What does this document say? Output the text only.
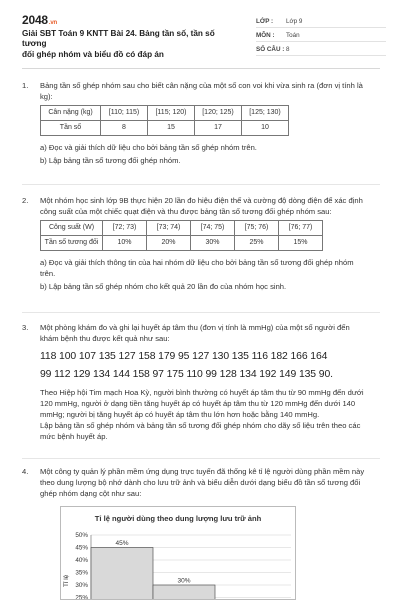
2048.vn
Giải SBT Toán 9 KNTT Bài 24. Bảng tần số, tần số tương
đối ghép nhóm và biểu đồ có đáp án
LỚP : Lớp 9
MÔN : Toán
SỐ CÂU : 8
1. Bảng tần số ghép nhóm sau cho biết cân nặng của một số con voi khi vừa sinh ra (đơn vị tính là
kg):

Cân nặng (kg)	[110; 115)	[115; 120)	[120; 125)	[125; 130)
Tần số	8	15	17	10

a) Đọc và giải thích dữ liệu cho bởi bảng tần số ghép nhóm trên.

b) Lập bảng tần số tương đối ghép nhóm.

2. Một nhóm học sinh lớp 9B thực hiện 20 lần đo hiệu điện thế và cường độ dòng điện để xác định
công suất của một chiếc quạt điện và thu được bảng tần số tương đối ghép nhóm sau:

Công suất (W)	[72; 73)	[73; 74)	[74; 75)	[75; 76)	[76; 77)
Tần số tương đối	10%	20%	30%	25%	15%

a) Đọc và giải thích thông tin của hai nhóm dữ liệu cho bởi bảng tần số tương đối ghép nhóm
trên.

b) Lập bảng tần số ghép nhóm cho kết quả 20 lần đo của nhóm học sinh.

3. Một phòng khám đo và ghi lại huyết áp tâm thu (đơn vị tính là mmHg) của một số người đến
khám bệnh thu được kết quả như sau:

118 100 107 135 127 158 179 95 127 130 135 116 182 166 164
99 112 129 134 144 158 97 175 110 99 128 134 192 149 135 90.

Theo Hiệp hội Tim mạch Hoa Kỳ, người bình thường có huyết áp tâm thu từ 90 mmHg đến dưới
120 mmHg, người ở dạng tiền tăng huyết áp có huyết áp tâm thu từ 120 mmHg đến dưới 140
mmHg; người bị tăng huyết áp có huyết áp tâm thu lớn hơn hoặc bằng 140 mmHg.
Lập bảng tần số ghép nhóm và bảng tần số tương đối ghép nhóm cho dãy số liệu trên theo các
mức bệnh huyết áp.

4. Một công ty quản lý phần mềm ứng dụng trực tuyến đã thống kê tỉ lệ người dùng phần mềm này
theo dung lượng bộ nhớ dành cho lưu trữ ảnh và biểu diễn dưới dạng biểu đồ tần số tương đối
ghép nhóm dạng cột như sau:

Tỉ lệ người dùng theo dung lượng lưu trữ ảnh
Tỉ lệ
50%
45%
40%
35%
30%
25%
45%
30%
